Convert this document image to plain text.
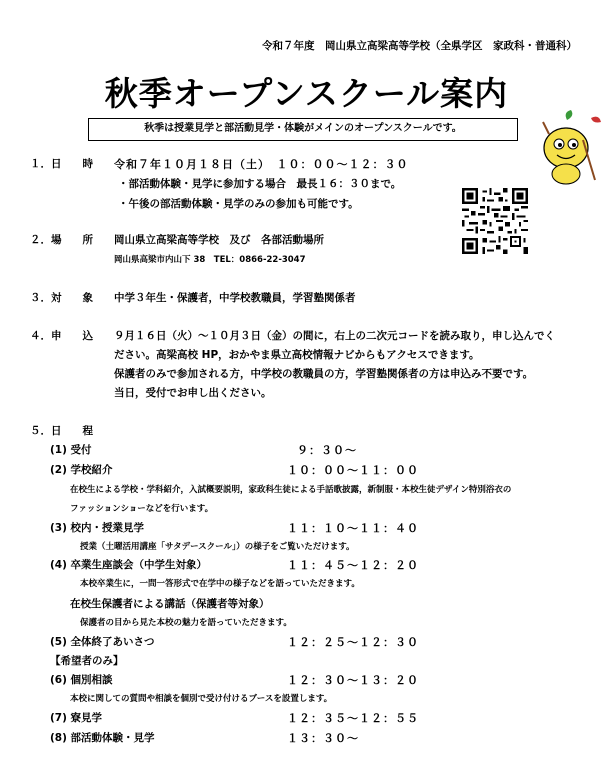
令和７年度　岡山県立高梁高等学校（全県学区　家政科・普通科）
秋季オープンスクール案内
秋季は授業見学と部活動見学・体験がメインのオープンスクールです。
１．日　　時 令和７年１０月１８日（土）　１０：００～１２：３０
・部活動体験・見学に参加する場合　最長１６：３０まで。
・午後の部活動体験・見学のみの参加も可能です。
２．場　　所 岡山県立高梁高等学校　及び　各部活動場所
岡山県高梁市内山下 38　TEL：0866-22-3047
３．対　　象 中学３年生・保護者，中学校教職員，学習塾関係者
４．申　　込 ９月１６日（火）～１０月３日（金）の間に，右上の二次元コードを読み取り，申し込んでく
ださい。高梁高校 HP，おかやま県立高校情報ナビからもアクセスできます。
保護者のみで参加される方，中学校の教職員の方，学習塾関係者の方は申込み不要です。
当日，受付でお申し出ください。
５．日　　程
(1) 受付	９：３０～
(2) 学校紹介	１０：００～１１：００
在校生による学校・学科紹介，入試概要説明，家政科生徒による手話歌披露，新制服・本校生徒デザイン特別浴衣の
ファッションショーなどを行います。
(3) 校内・授業見学	１１：１０～１１：４０
授業（土曜活用講座「サタデースクール」）の様子をご覧いただけます。
(4) 卒業生座談会（中学生対象）	１１：４５～１２：２０
本校卒業生に，一問一答形式で在学中の様子などを語っていただきます。
在校生保護者による講話（保護者等対象）
保護者の目から見た本校の魅力を語っていただきます。
(5) 全体終了あいさつ	１２：２５～１２：３０
【希望者のみ】
(6) 個別相談	１２：３０～１３：２０
本校に関しての質問や相談を個別で受け付けるブースを設置します。
(7) 寮見学	１２：３５～１２：５５
(8) 部活動体験・見学	１３：３０～
